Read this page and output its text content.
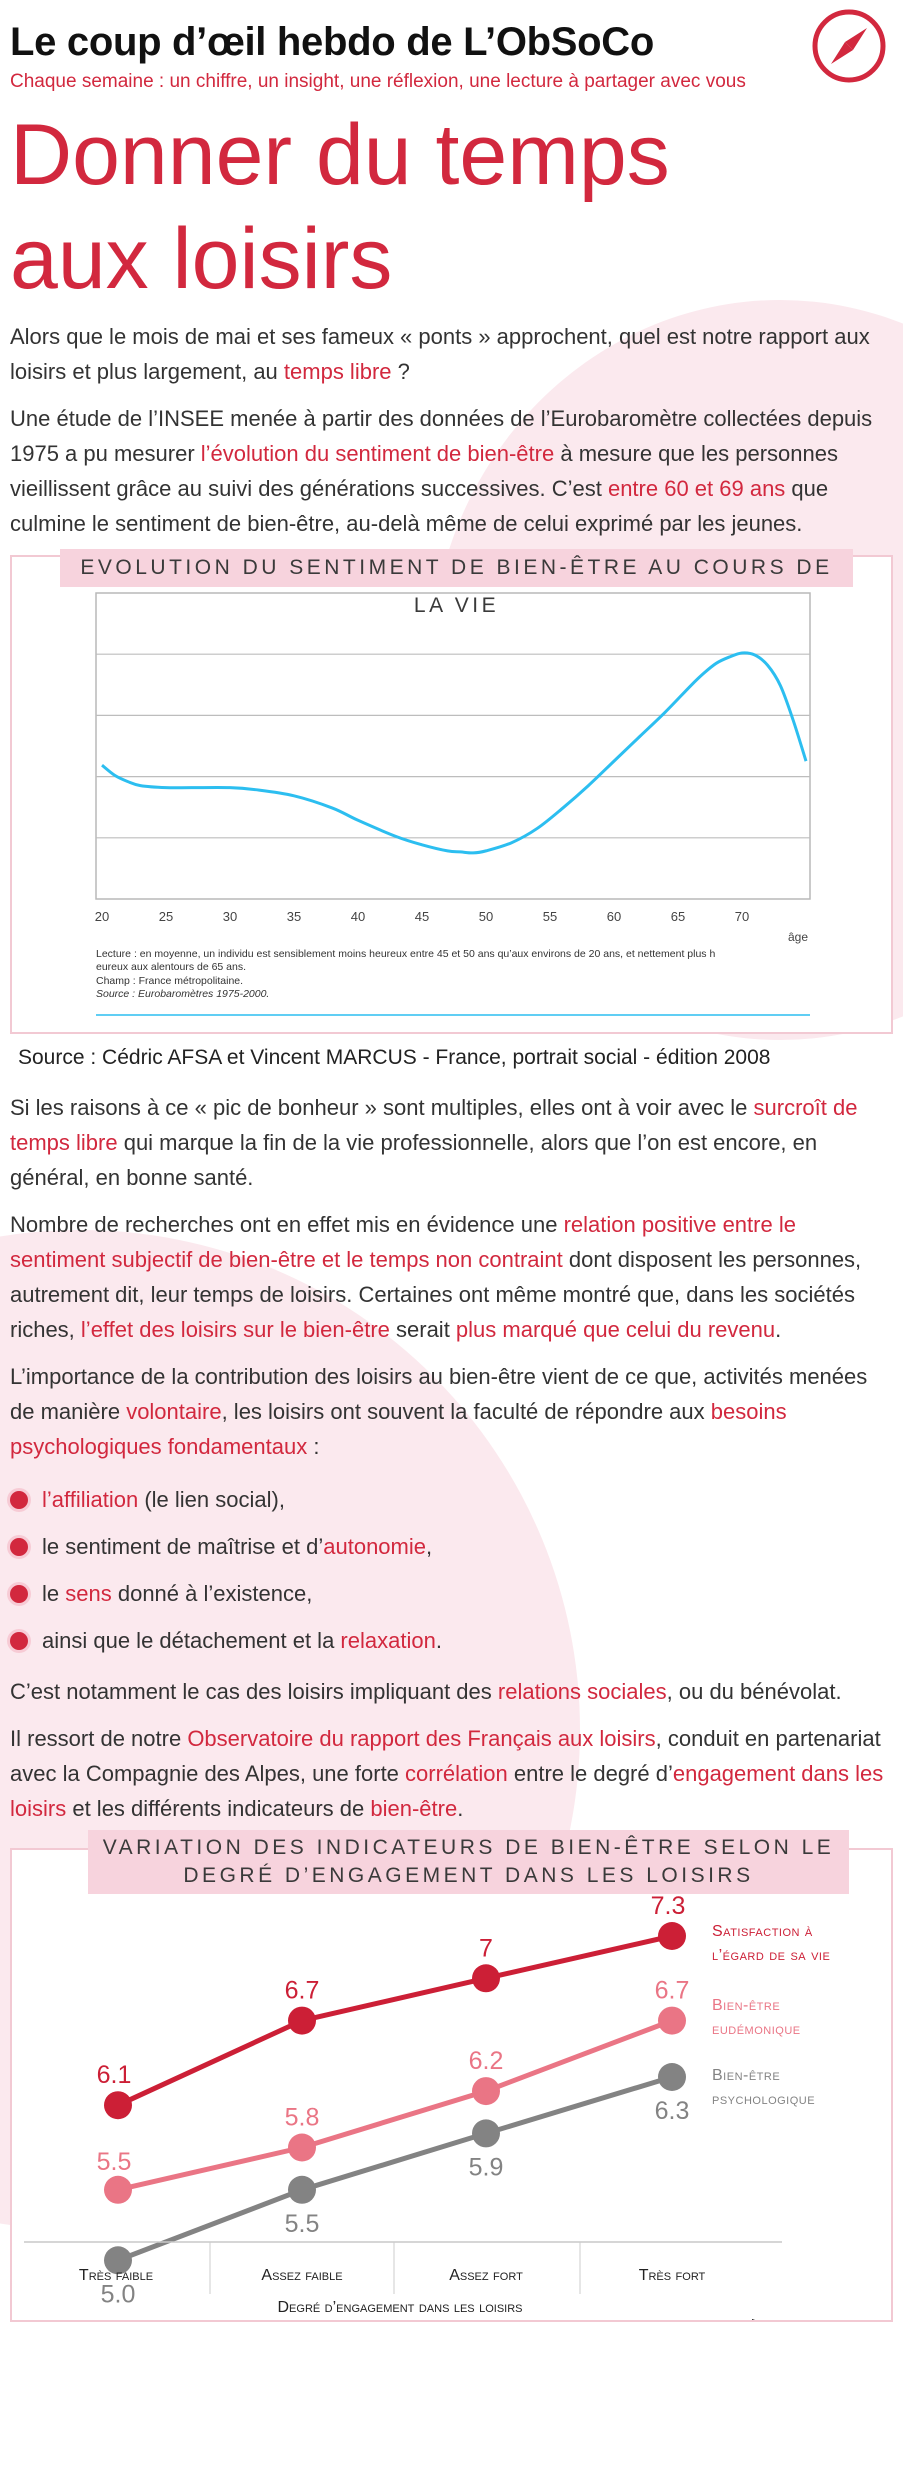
Le coup d’œil hebdo de L’ObSoCo
Chaque semaine : un chiffre, un insight, une réflexion, une lecture à partager avec vous
Donner du temps
aux loisirs

Alors que le mois de mai et ses fameux « ponts » approchent, quel est notre rapport aux loisirs et plus largement, au temps libre ?

Une étude de l’INSEE menée à partir des données de l’Eurobaromètre collectées depuis 1975 a pu mesurer l’évolution du sentiment de bien-être à mesure que les personnes vieillissent grâce au suivi des générations successives. C’est entre 60 et 69 ans que culmine le sentiment de bien-être, au-delà même de celui exprimé par les jeunes.

EVOLUTION DU SENTIMENT DE BIEN-ÊTRE AU COURS DE LA VIE
20	25	30	35	40	45	50	55	60	65	70
âge
Lecture : en moyenne, un individu est sensiblement moins heureux entre 45 et 50 ans qu’aux environs de 20 ans, et nettement plus h
eureux aux alentours de 65 ans.
Champ : France métropolitaine.
Source : Eurobaromètres 1975-2000.
Source : Cédric AFSA et Vincent MARCUS - France, portrait social - édition 2008

Si les raisons à ce « pic de bonheur » sont multiples, elles ont à voir avec le surcroît de temps libre qui marque la fin de la vie professionnelle, alors que l’on est encore, en général, en bonne santé.

Nombre de recherches ont en effet mis en évidence une relation positive entre le sentiment subjectif de bien-être et le temps non contraint dont disposent les personnes, autrement dit, leur temps de loisirs. Certaines ont même montré que, dans les sociétés riches, l’effet des loisirs sur le bien-être serait plus marqué que celui du revenu.

L’importance de la contribution des loisirs au bien-être vient de ce que, activités menées de manière volontaire, les loisirs ont souvent la faculté de répondre aux besoins psychologiques fondamentaux :

l’affiliation (le lien social),
le sentiment de maîtrise et d’autonomie,
le sens donné à l’existence,
ainsi que le détachement et la relaxation.

C’est notamment le cas des loisirs impliquant des relations sociales, ou du bénévolat.

Il ressort de notre Observatoire du rapport des Français aux loisirs, conduit en partenariat avec la Compagnie des Alpes, une forte corrélation entre le degré d’engagement dans les loisirs et les différents indicateurs de bien-être.

VARIATION DES INDICATEURS DE BIEN-ÊTRE SELON LE DEGRÉ D’ENGAGEMENT DANS LES LOISIRS
6.1
6.7
7
7.3
5.5
5.8
6.2
6.7
5.0
5.5
5.9
6.3
Satisfaction à
l’égard de sa vie
Bien-être
eudémonique
Bien-être
psychologique
Très faible	Assez faible	Assez fort	Très fort
Degré d’engagement dans les loisirs
